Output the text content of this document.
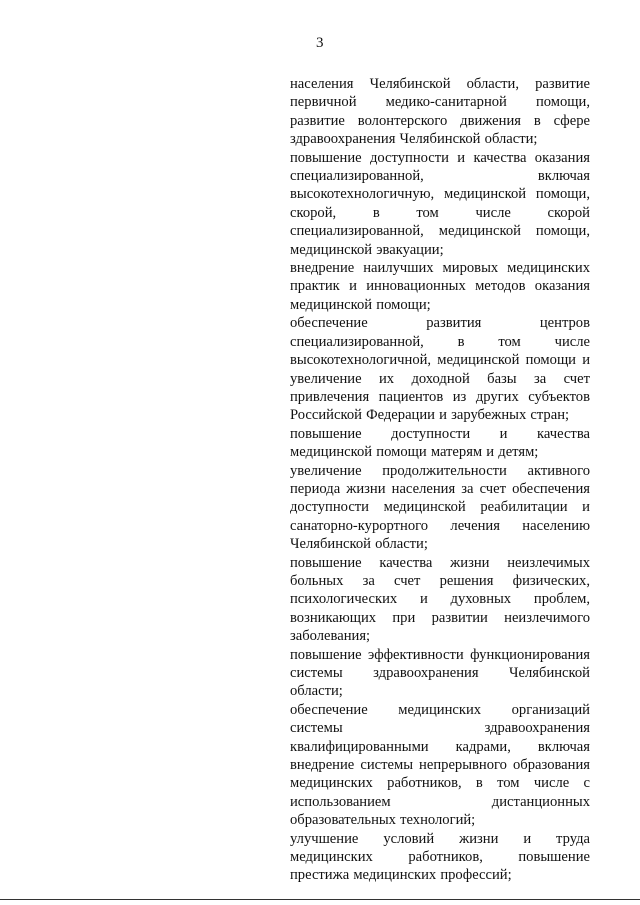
3

населения Челябинской области, развитие первичной медико-санитарной помощи, развитие волонтерского движения в сфере здравоохранения Челябинской области;

повышение доступности и качества оказания специализированной, включая высокотехнологичную, медицинской помощи, скорой, в том числе скорой специализированной, медицинской помощи, медицинской эвакуации;

внедрение наилучших мировых медицинских практик и инновационных методов оказания медицинской помощи;

обеспечение развития центров специализированной, в том числе высокотехнологичной, медицинской помощи и увеличение их доходной базы за счет привлечения пациентов из других субъектов Российской Федерации и зарубежных стран;

повышение доступности и качества медицинской помощи матерям и детям;

увеличение продолжительности активного периода жизни населения за счет обеспечения доступности медицинской реабилитации и санаторно-курортного лечения населению Челябинской области;

повышение качества жизни неизлечимых больных за счет решения физических, психологических и духовных проблем, возникающих при развитии неизлечимого заболевания;

повышение эффективности функционирования системы здравоохранения Челябинской области;

обеспечение медицинских организаций системы здравоохранения квалифицированными кадрами, включая внедрение системы непрерывного образования медицинских работников, в том числе с использованием дистанционных образовательных технологий;

улучшение условий жизни и труда медицинских работников, повышение престижа медицинских профессий;
